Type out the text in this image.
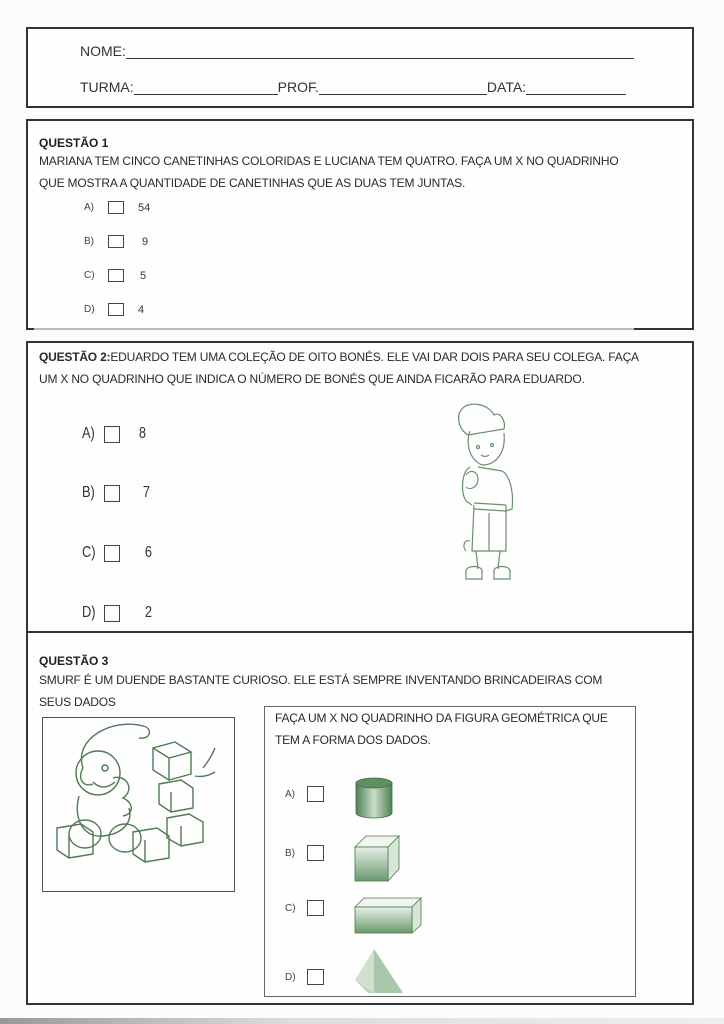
NOME:
TURMA:	PROF.	DATA:
QUESTÃO 1
MARIANA TEM CINCO CANETINHAS COLORIDAS E LUCIANA TEM QUATRO. FAÇA UM X NO QUADRINHO
QUE MOSTRA A QUANTIDADE DE CANETINHAS QUE AS DUAS TEM JUNTAS.
A)	54
B)	9
C)	5
D)	4
QUESTÃO 2:EDUARDO TEM UMA COLEÇÃO DE OITO BONÉS. ELE VAI DAR DOIS PARA SEU COLEGA. FAÇA
UM X NO QUADRINHO QUE INDICA O NÚMERO DE BONÉS QUE AINDA FICARÃO PARA EDUARDO.
A)	8
B)	7
C)	6
D)	2
QUESTÃO 3
SMURF É UM DUENDE BASTANTE CURIOSO. ELE ESTÁ SEMPRE INVENTANDO BRINCADEIRAS COM
SEUS DADOS
FAÇA UM X NO QUADRINHO DA FIGURA GEOMÉTRICA QUE
TEM A FORMA DOS DADOS.
A)
B)
C)
D)
